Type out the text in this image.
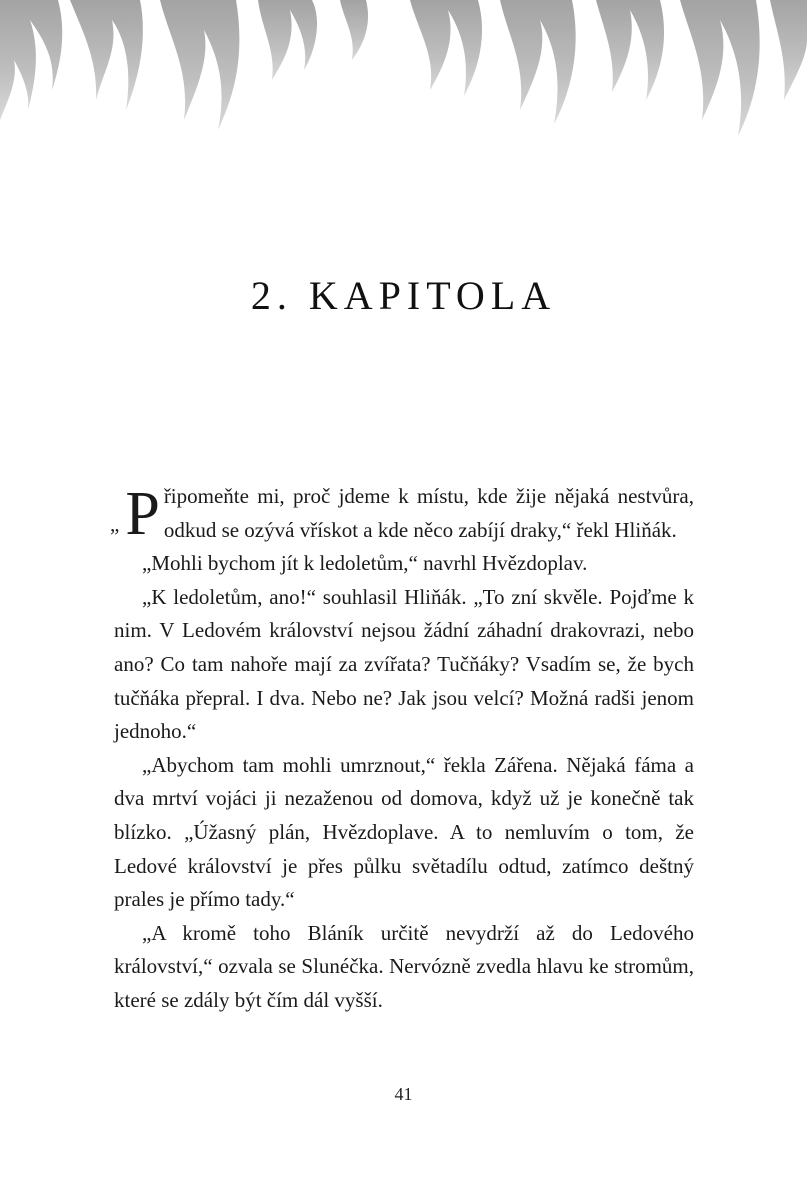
2. KAPITOLA

„ P řipomeňte mi, proč jdeme k místu, kde žije nějaká nestvůra, odkud se ozývá vřískot a kde něco zabíjí draky,“ řekl Hliňák.

„Mohli bychom jít k ledoletům,“ navrhl Hvězdoplav.

„K ledoletům, ano!“ souhlasil Hliňák. „To zní skvěle. Pojďme k nim. V Ledovém království nejsou žádní záhadní drakovrazi, nebo ano? Co tam nahoře mají za zvířata? Tučňáky? Vsadím se, že bych tučňáka přepral. I dva. Nebo ne? Jak jsou velcí? Možná radši jenom jednoho.“

„Abychom tam mohli umrznout,“ řekla Zářena. Nějaká fáma a dva mrtví vojáci ji nezaženou od domova, když už je konečně tak blízko. „Úžasný plán, Hvězdoplave. A to nemluvím o tom, že Ledové království je přes půlku světadílu odtud, zatímco deštný prales je přímo tady.“

„A kromě toho Bláník určitě nevydrží až do Ledového království,“ ozvala se Slunéčka. Nervózně zvedla hlavu ke stromům, které se zdály být čím dál vyšší.

41
